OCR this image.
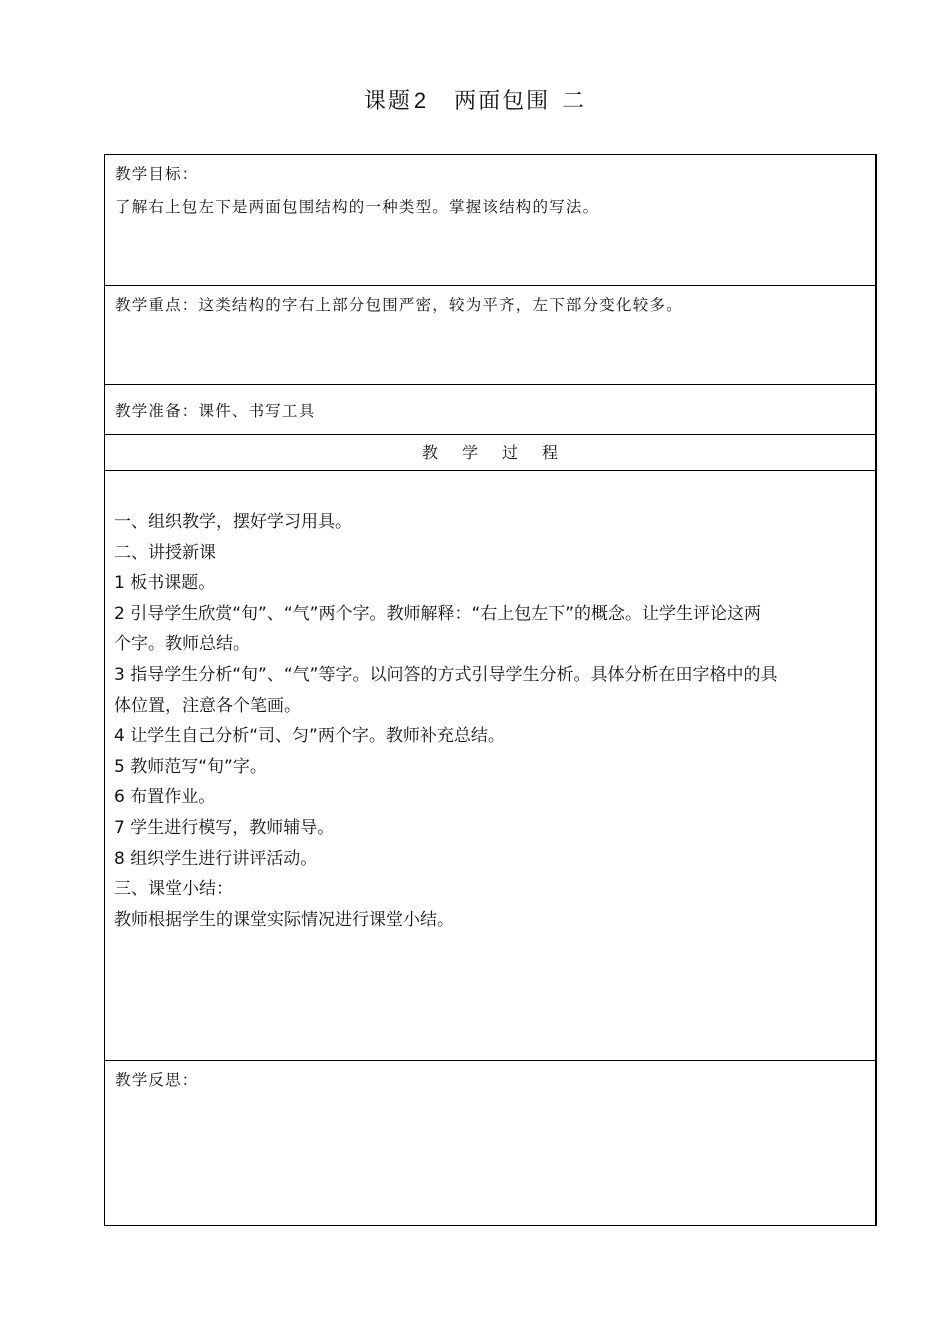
课题2 两面包围 二
教学目标：
了解右上包左下是两面包围结构的一种类型。掌握该结构的写法。
教学重点：这类结构的字右上部分包围严密，较为平齐，左下部分变化较多。
教学准备：课件、书写工具
教 学 过 程
一、组织教学，摆好学习用具。
二、讲授新课
1 板书课题。
2 引导学生欣赏“旬”、“气”两个字。教师解释：“右上包左下”的概念。让学生评论这两
个字。教师总结。
3 指导学生分析“旬”、“气”等字。以问答的方式引导学生分析。具体分析在田字格中的具
体位置，注意各个笔画。
4 让学生自己分析“司、匀”两个字。教师补充总结。
5 教师范写“旬”字。
6 布置作业。
7 学生进行模写，教师辅导。
8 组织学生进行讲评活动。
三、课堂小结：
教师根据学生的课堂实际情况进行课堂小结。
教学反思：
